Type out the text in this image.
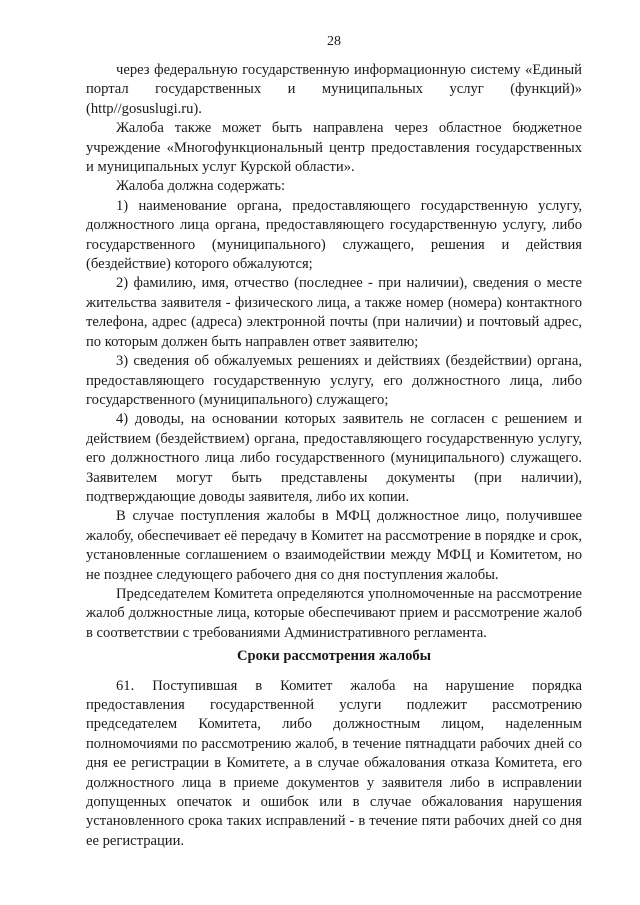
28

через федеральную государственную информационную систему «Единый портал государственных и муниципальных услуг (функций)» (http//gosuslugi.ru).

Жалоба также может быть направлена через областное бюджетное учреждение «Многофункциональный центр предоставления государственных и муниципальных услуг Курской области».

Жалоба должна содержать:

1) наименование органа, предоставляющего государственную услугу, должностного лица органа, предоставляющего государственную услугу, либо государственного (муниципального) служащего, решения и действия (бездействие) которого обжалуются;

2) фамилию, имя, отчество (последнее - при наличии), сведения о месте жительства заявителя - физического лица, а также номер (номера) контактного телефона, адрес (адреса) электронной почты (при наличии) и почтовый адрес, по которым должен быть направлен ответ заявителю;

3) сведения об обжалуемых решениях и действиях (бездействии) органа, предоставляющего государственную услугу, его должностного лица, либо государственного (муниципального) служащего;

4) доводы, на основании которых заявитель не согласен с решением и действием (бездействием) органа, предоставляющего государственную услугу, его должностного лица либо государственного (муниципального) служащего. Заявителем могут быть представлены документы (при наличии), подтверждающие доводы заявителя, либо их копии.

В случае поступления жалобы в МФЦ должностное лицо, получившее жалобу, обеспечивает её передачу в Комитет на рассмотрение в порядке и срок, установленные соглашением о взаимодействии между МФЦ и Комитетом, но не позднее следующего рабочего дня со дня поступления жалобы.

Председателем Комитета определяются уполномоченные на рассмотрение жалоб должностные лица, которые обеспечивают прием и рассмотрение жалоб в соответствии с требованиями Административного регламента.

Сроки рассмотрения жалобы

61. Поступившая в Комитет жалоба на нарушение порядка предоставления государственной услуги подлежит рассмотрению председателем Комитета, либо должностным лицом, наделенным полномочиями по рассмотрению жалоб, в течение пятнадцати рабочих дней со дня ее регистрации в Комитете, а в случае обжалования отказа Комитета, его должностного лица в приеме документов у заявителя либо в исправлении допущенных опечаток и ошибок или в случае обжалования нарушения установленного срока таких исправлений - в течение пяти рабочих дней со дня ее регистрации.
